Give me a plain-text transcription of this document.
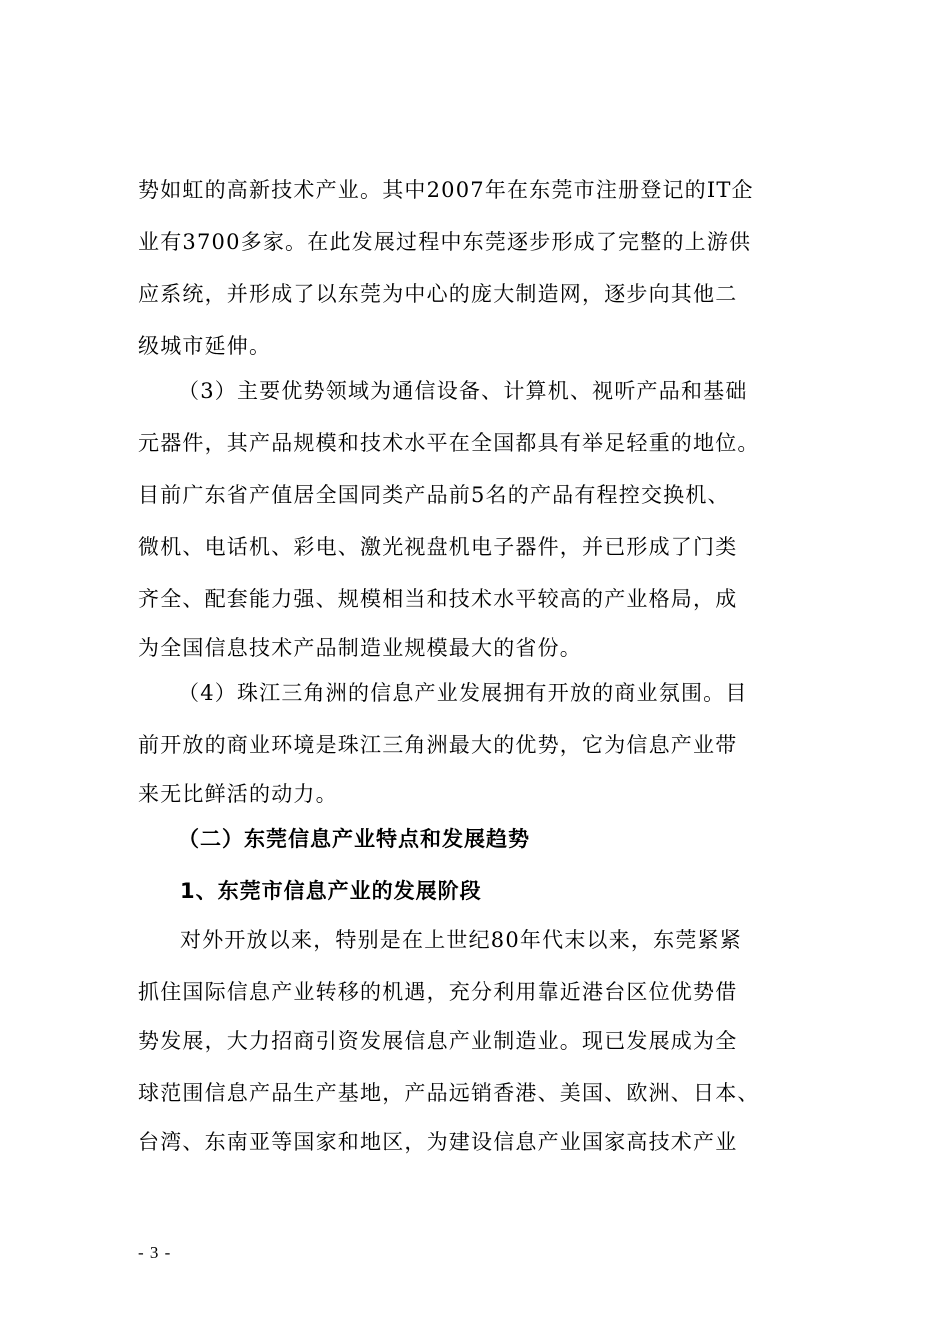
势如虹的高新技术产业。其中2007年在东莞市注册登记的IT企
业有3700多家。在此发展过程中东莞逐步形成了完整的上游供
应系统，并形成了以东莞为中心的庞大制造网，逐步向其他二
级城市延伸。
（3）主要优势领域为通信设备、计算机、视听产品和基础
元器件，其产品规模和技术水平在全国都具有举足轻重的地位。
目前广东省产值居全国同类产品前5名的产品有程控交换机、
微机、电话机、彩电、激光视盘机电子器件，并已形成了门类
齐全、配套能力强、规模相当和技术水平较高的产业格局，成
为全国信息技术产品制造业规模最大的省份。
（4）珠江三角洲的信息产业发展拥有开放的商业氛围。目
前开放的商业环境是珠江三角洲最大的优势，它为信息产业带
来无比鲜活的动力。
（二）东莞信息产业特点和发展趋势
1、东莞市信息产业的发展阶段
对外开放以来，特别是在上世纪80年代末以来，东莞紧紧
抓住国际信息产业转移的机遇，充分利用靠近港台区位优势借
势发展，大力招商引资发展信息产业制造业。现已发展成为全
球范围信息产品生产基地，产品远销香港、美国、欧洲、日本、
台湾、东南亚等国家和地区，为建设信息产业国家高技术产业
- 3 -
